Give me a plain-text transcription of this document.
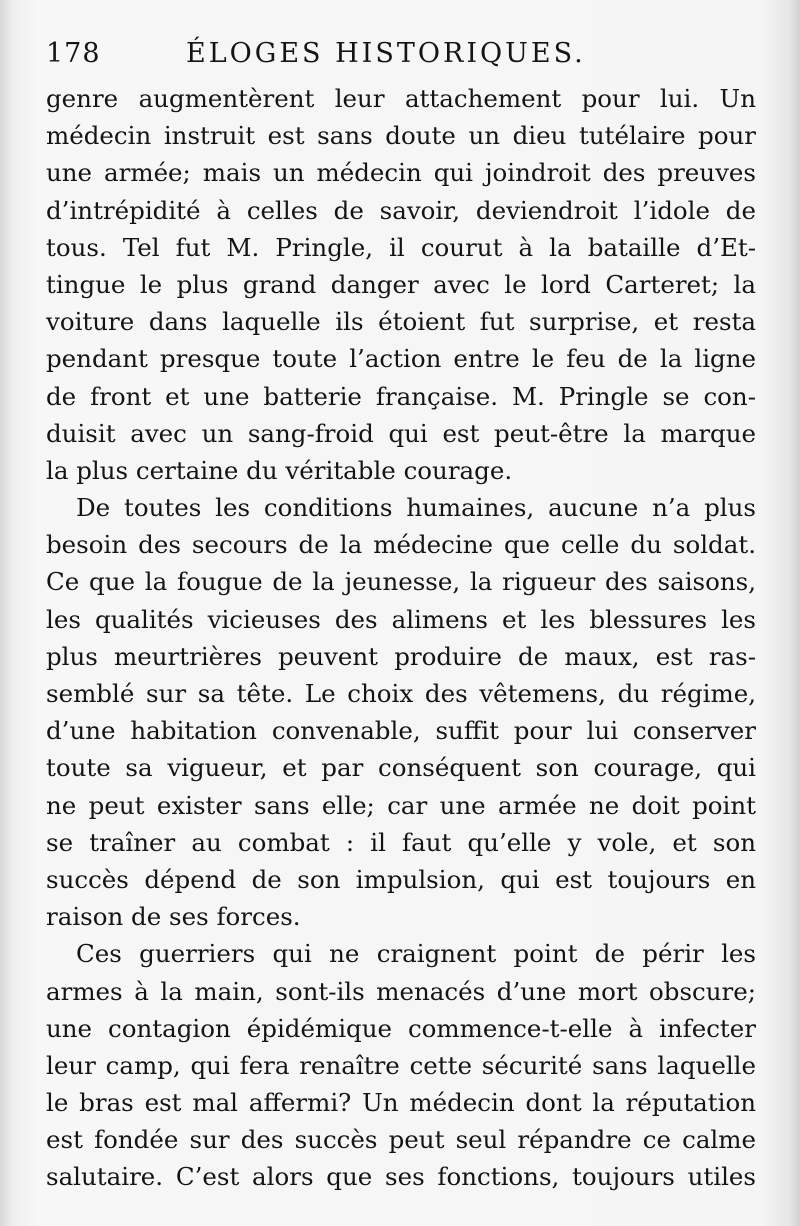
178	ÉLOGES HISTORIQUES.
genre augmentèrent leur attachement pour lui. Un
médecin instruit est sans doute un dieu tutélaire pour
une armée; mais un médecin qui joindroit des preuves
d’intrépidité à celles de savoir, deviendroit l’idole de
tous. Tel fut M. Pringle, il courut à la bataille d’Et-
tingue le plus grand danger avec le lord Carteret; la
voiture dans laquelle ils étoient fut surprise, et resta
pendant presque toute l’action entre le feu de la ligne
de front et une batterie française. M. Pringle se con-
duisit avec un sang-froid qui est peut-être la marque
la plus certaine du véritable courage.
De toutes les conditions humaines, aucune n’a plus
besoin des secours de la médecine que celle du soldat.
Ce que la fougue de la jeunesse, la rigueur des saisons,
les qualités vicieuses des alimens et les blessures les
plus meurtrières peuvent produire de maux, est ras-
semblé sur sa tête. Le choix des vêtemens, du régime,
d’une habitation convenable, suffit pour lui conserver
toute sa vigueur, et par conséquent son courage, qui
ne peut exister sans elle; car une armée ne doit point
se traîner au combat : il faut qu’elle y vole, et son
succès dépend de son impulsion, qui est toujours en
raison de ses forces.
Ces guerriers qui ne craignent point de périr les
armes à la main, sont-ils menacés d’une mort obscure;
une contagion épidémique commence-t-elle à infecter
leur camp, qui fera renaître cette sécurité sans laquelle
le bras est mal affermi? Un médecin dont la réputation
est fondée sur des succès peut seul répandre ce calme
salutaire. C’est alors que ses fonctions, toujours utiles
